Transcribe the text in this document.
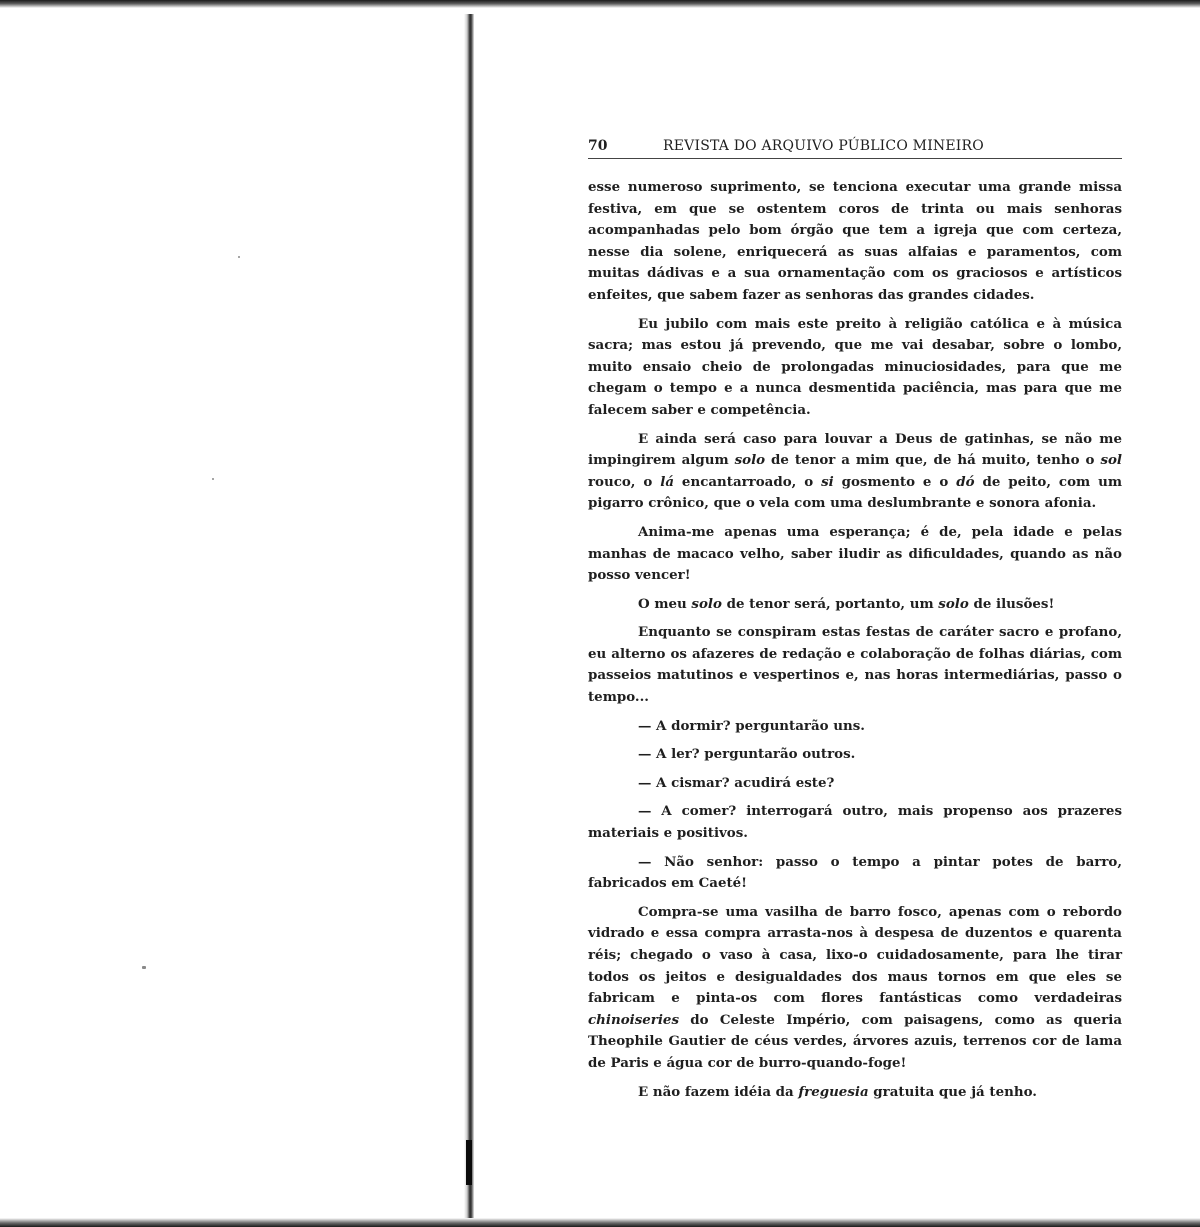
70	REVISTA DO ARQUIVO PÚBLICO MINEIRO

esse numeroso suprimento, se tenciona executar uma grande missa festiva, em que se ostentem coros de trinta ou mais senhoras acompanhadas pelo bom órgão que tem a igreja que com certeza, nesse dia solene, enriquecerá as suas alfaias e paramentos, com muitas dádivas e a sua ornamentação com os graciosos e artísticos enfeites, que sabem fazer as senhoras das grandes cidades.

Eu jubilo com mais este preito à religião católica e à música sacra; mas estou já prevendo, que me vai desabar, sobre o lombo, muito ensaio cheio de prolongadas minuciosidades, para que me chegam o tempo e a nunca desmentida paciência, mas para que me falecem saber e competência.

E ainda será caso para louvar a Deus de gatinhas, se não me impingirem algum solo de tenor a mim que, de há muito, tenho o sol rouco, o lá encantarroado, o si gosmento e o dó de peito, com um pigarro crônico, que o vela com uma deslumbrante e sonora afonia.

Anima-me apenas uma esperança; é de, pela idade e pelas manhas de macaco velho, saber iludir as dificuldades, quando as não posso vencer!

O meu solo de tenor será, portanto, um solo de ilusões!

Enquanto se conspiram estas festas de caráter sacro e profano, eu alterno os afazeres de redação e colaboração de folhas diárias, com passeios matutinos e vespertinos e, nas horas intermediárias, passo o tempo...

— A dormir? perguntarão uns.

— A ler? perguntarão outros.

— A cismar? acudirá este?

— A comer? interrogará outro, mais propenso aos prazeres materiais e positivos.

— Não senhor: passo o tempo a pintar potes de barro, fabricados em Caeté!

Compra-se uma vasilha de barro fosco, apenas com o rebordo vidrado e essa compra arrasta-nos à despesa de duzentos e quarenta réis; chegado o vaso à casa, lixo-o cuidadosamente, para lhe tirar todos os jeitos e desigualdades dos maus tornos em que eles se fabricam e pinta-os com flores fantásticas como verdadeiras chinoiseries do Celeste Império, com paisagens, como as queria Theophile Gautier de céus verdes, árvores azuis, terrenos cor de lama de Paris e água cor de burro-quando-foge!

E não fazem idéia da freguesia gratuita que já tenho.
